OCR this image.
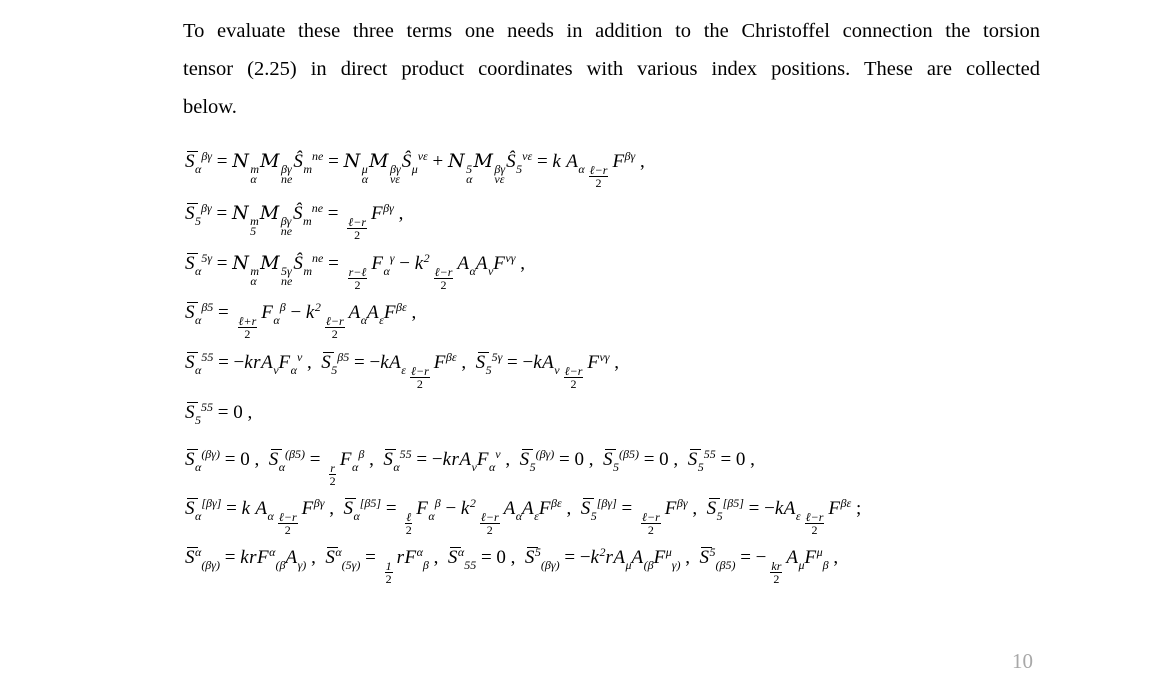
To evaluate these three terms one needs in addition to the Christoffel connection the torsion
tensor (2.25) in direct product coordinates with various index positions. These are collected
below.
$S_\alpha^{\beta\gamma} = N$ m
α
M βγ
ne
$Ŝ_m^{ne} = N$ μ
α
M βγ
νε
$Ŝ_\mu^{\nu\varepsilon} + N$ 5
α
M βγ
νε
$Ŝ_5^{\nu\varepsilon} = k$ $A_\alpha \frac{\text{ℓ−r}}{2}$
$F^{\beta\gamma}$ ,
$S_5^{\beta\gamma} = N$ m
5
M βγ
ne
$Ŝ_m^{ne}$ =
$\frac{\text{ℓ−r}}{2}$
$F^{\beta\gamma}$ ,
$S_\alpha^{5\gamma} = N$ m
α
M 5γ
ne
$Ŝ_m^{ne}$ =
$\frac{\text{r−ℓ}}{2}$
$F_\alpha^\gamma - k^2$
$\frac{\text{ℓ−r}}{2}$
$A_\alpha A_\nu F^{\nu\gamma}$ ,
$S_\alpha^{\beta 5}$ =
$\frac{\text{ℓ+r}}{2}$
$F_\alpha^\beta - k^2$
$\frac{\text{ℓ−r}}{2}$
$A_\alpha A_\varepsilon F^{\beta\varepsilon}$ ,
$S_\alpha^{55} = -krA_\nu F_\alpha^\nu$ ,  $S_5^{\beta 5} = -kA_\varepsilon \frac{\text{ℓ−r}}{2}$
$F^{\beta\varepsilon}$ ,  $S_5^{5\gamma} = -kA_\nu \frac{\text{ℓ−r}}{2}$
$F^{\nu\gamma}$ ,
$S_5^{55} = 0$ ,
$S_\alpha^{(\beta\gamma)} = 0$ ,  $S_\alpha^{(\beta 5)}$ =
$\frac{r}{2}$
$F_\alpha^\beta$ ,  $S_\alpha^{55} = -krA_\nu F_\alpha^\nu$ ,  $S_5^{(\beta\gamma)} = 0$ ,  $S_5^{(\beta 5)} = 0$ ,  $S_5^{55} = 0$ ,
$S_\alpha[\beta\gamma] = k$ $A_\alpha \frac{\text{ℓ−r}}{2}$
$F^{\beta\gamma}$ ,  $S_\alpha[\beta 5]$ =
$\frac{\text{ℓ}}{2}$
$F_\alpha^\beta - k^2$
$\frac{\text{ℓ−r}}{2}$
$A_\alpha A_\varepsilon F^{\beta\varepsilon}$ ,  $S_5[\beta\gamma]$ =
$\frac{\text{ℓ−r}}{2}$
$F^{\beta\gamma}$ ,  $S_5[\beta 5] = -kA_\varepsilon \frac{\text{ℓ−r}}{2}$
$F^{\beta\varepsilon}$ ;
$S^\alpha_{(\beta\gamma)} = krF^\alpha_{(\beta}A_{\gamma)}$ ,  $S^\alpha_{(5\gamma)}$ =
$\frac{1}{2}$
$rF^\alpha_\beta$ ,  $S^\alpha_{55} = 0$ ,  $S^5_{(\beta\gamma)} = -k^2rA_\mu A_{(\beta}F^\mu_{\gamma)}$ ,  $S^5_{(\beta 5)}$ = −
$\frac{kr}{2}$
$A_\mu F^\mu_\beta$ ,
10
